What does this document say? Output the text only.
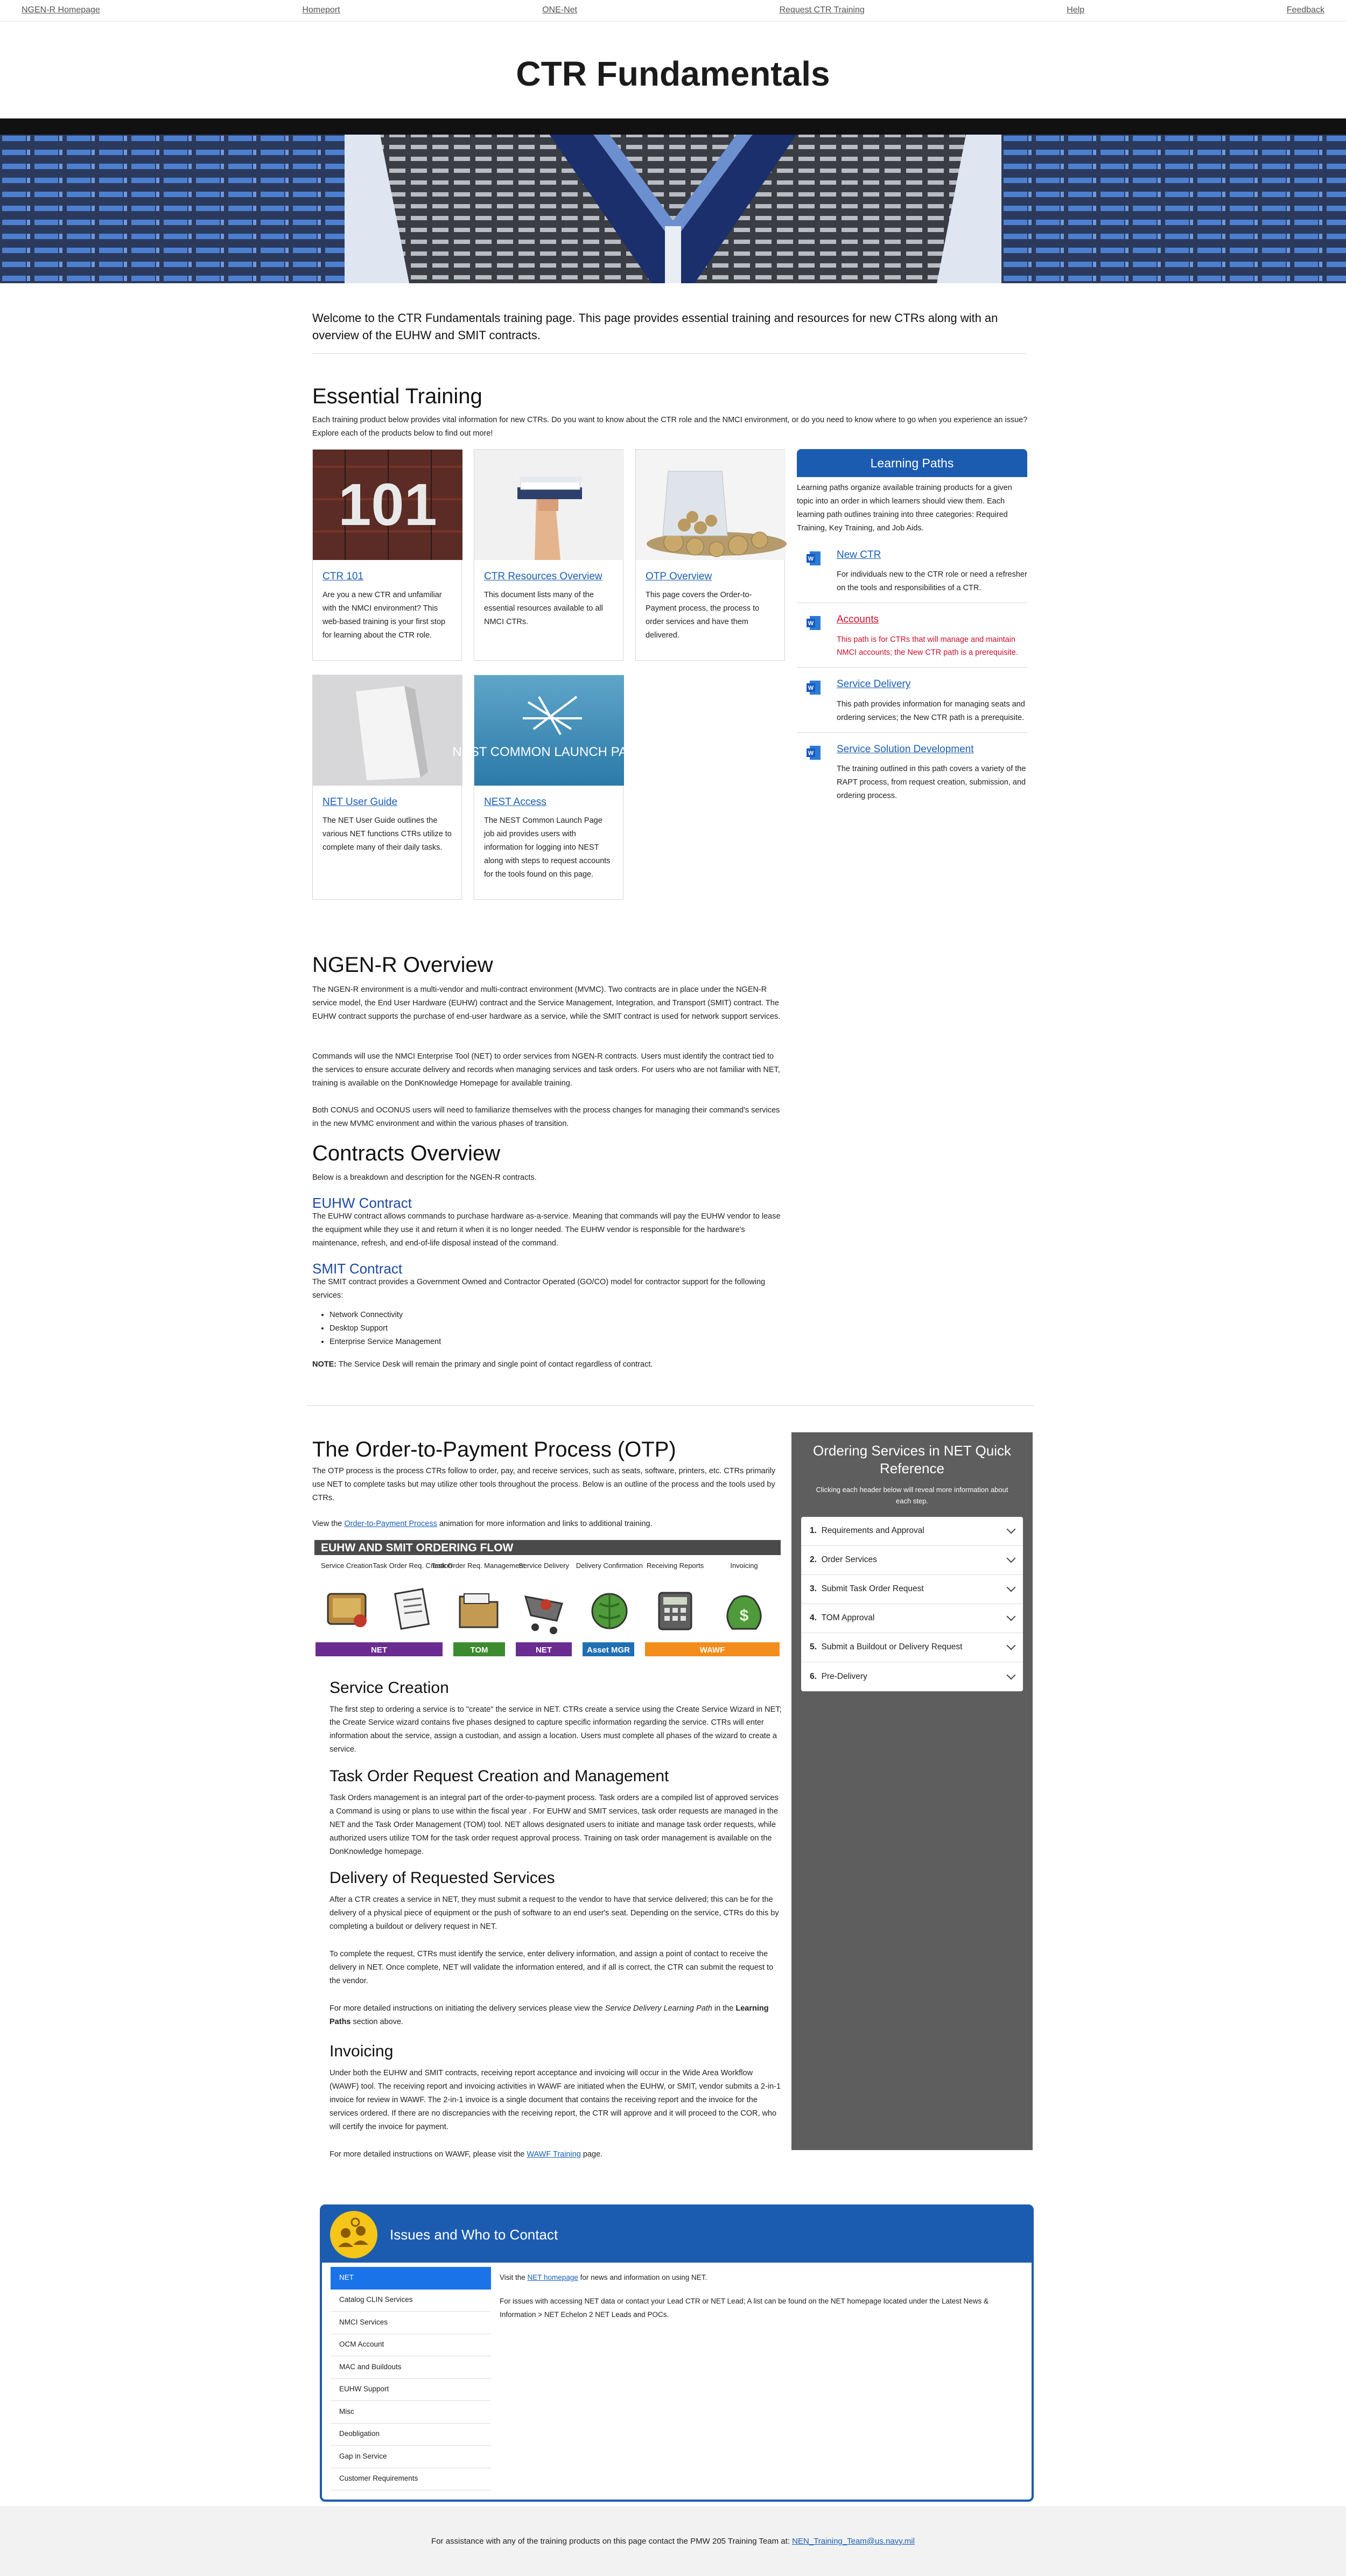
NGEN-R Homepage	Homeport	ONE-Net	Request CTR Training	Help	Feedback
CTR Fundamentals
Welcome to the CTR Fundamentals training page. This page provides essential training and resources for new CTRs along with an overview of the EUHW and SMIT contracts.
Essential Training

Each training product below provides vital information for new CTRs. Do you want to know about the CTR role and the NMCI environment, or do you need to know where to go when you experience an issue? Explore each of the products below to find out more!

101
CTR 101
Are you a new CTR and unfamiliar with the NMCI environment? This web-based training is your first stop for learning about the CTR role.
CTR Resources Overview
This document lists many of the essential resources available to all NMCI CTRs.
OTP Overview
This page covers the Order-to-Payment process, the process to order services and have them delivered.
NET User Guide
The NET User Guide outlines the various NET functions CTRs utilize to complete many of their daily tasks.
NEST COMMON LAUNCH PAGE
NEST Access
The NEST Common Launch Page job aid provides users with information for logging into NEST along with steps to request accounts for the tools found on this page.
Learning Paths
Learning paths organize available training products for a given topic into an order in which learners should view them. Each learning path outlines training into three categories: Required Training, Key Training, and Job Aids.
W New CTR
For individuals new to the CTR role or need a refresher on the tools and responsibilities of a CTR.
W Accounts
This path is for CTRs that will manage and maintain NMCI accounts; the New CTR path is a prerequisite.
W Service Delivery
This path provides information for managing seats and ordering services; the New CTR path is a prerequisite.
W Service Solution Development
The training outlined in this path covers a variety of the RAPT process, from request creation, submission, and ordering process.
NGEN-R Overview

The NGEN-R environment is a multi-vendor and multi-contract environment (MVMC). Two contracts are in place under the NGEN-R service model, the End User Hardware (EUHW) contract and the Service Management, Integration, and Transport (SMIT) contract. The EUHW contract supports the purchase of end-user hardware as a service, while the SMIT contract is used for network support services.

Commands will use the NMCI Enterprise Tool (NET) to order services from NGEN-R contracts. Users must identify the contract tied to the services to ensure accurate delivery and records when managing services and task orders. For users who are not familiar with NET, training is available on the DonKnowledge Homepage for available training.

Both CONUS and OCONUS users will need to familiarize themselves with the process changes for managing their command's services in the new MVMC environment and within the various phases of transition.

Contracts Overview

Below is a breakdown and description for the NGEN-R contracts.

EUHW Contract

The EUHW contract allows commands to purchase hardware as-a-service. Meaning that commands will pay the EUHW vendor to lease the equipment while they use it and return it when it is no longer needed. The EUHW vendor is responsible for the hardware's maintenance, refresh, and end-of-life disposal instead of the command.

SMIT Contract

The SMIT contract provides a Government Owned and Contractor Operated (GO/CO) model for contractor support for the following services:

• Network Connectivity
• Desktop Support
• Enterprise Service Management

NOTE: The Service Desk will remain the primary and single point of contact regardless of contract.

The Order-to-Payment Process (OTP)

The OTP process is the process CTRs follow to order, pay, and receive services, such as seats, software, printers, etc. CTRs primarily use NET to complete tasks but may utilize other tools throughout the process. Below is an outline of the process and the tools used by CTRs.

View the Order-to-Payment Process animation for more information and links to additional training.

EUHW AND SMIT ORDERING FLOW
Service Creation Task Order Req. Creation
Task Order Req. Management
Service Delivery Delivery Confirmation Receiving Reports	Invoicing
$
NET	TOM	NET	Asset MGR	WAWF
Service Creation

The first step to ordering a service is to "create" the service in NET. CTRs create a service using the Create Service Wizard in NET; the Create Service wizard contains five phases designed to capture specific information regarding the service. CTRs will enter information about the service, assign a custodian, and assign a location. Users must complete all phases of the wizard to create a service.

Task Order Request Creation and Management

Task Orders management is an integral part of the order-to-payment process. Task orders are a compiled list of approved services a Command is using or plans to use within the fiscal year . For EUHW and SMIT services, task order requests are managed in the NET and the Task Order Management (TOM) tool. NET allows designated users to initiate and manage task order requests, while authorized users utilize TOM for the task order request approval process. Training on task order management is available on the DonKnowledge homepage.

Delivery of Requested Services

After a CTR creates a service in NET, they must submit a request to the vendor to have that service delivered; this can be for the delivery of a physical piece of equipment or the push of software to an end user's seat. Depending on the service, CTRs do this by completing a buildout or delivery request in NET.

To complete the request, CTRs must identify the service, enter delivery information, and assign a point of contact to receive the delivery in NET. Once complete, NET will validate the information entered, and if all is correct, the CTR can submit the request to the vendor.

For more detailed instructions on initiating the delivery services please view the Service Delivery Learning Path in the Learning Paths section above.

Invoicing

Under both the EUHW and SMIT contracts, receiving report acceptance and invoicing will occur in the Wide Area Workflow (WAWF) tool. The receiving report and invoicing activities in WAWF are initiated when the EUHW, or SMIT, vendor submits a 2-in-1 invoice for review in WAWF. The 2-in-1 invoice is a single document that contains the receiving report and the invoice for the services ordered. If there are no discrepancies with the receiving report, the CTR will approve and it will proceed to the COR, who will certify the invoice for payment.

For more detailed instructions on WAWF, please visit the WAWF Training page.

Ordering Services in NET Quick Reference
Clicking each header below will reveal more information about each step.
1. Requirements and Approval
2. Order Services
3. Submit Task Order Request
4. TOM Approval
5. Submit a Buildout or Delivery Request
6. Pre-Delivery
Issues and Who to Contact
NET
Catalog CLIN Services
NMCI Services
OCM Account
MAC and Buildouts
EUHW Support
Misc
Deobligation
Gap in Service
Customer Requirements

Visit the NET homepage for news and information on using NET.

For issues with accessing NET data or contact your Lead CTR or NET Lead; A list can be found on the NET homepage located under the Latest News & Information > NET Echelon 2 NET Leads and POCs.

For assistance with any of the training products on this page contact the PMW 205 Training Team at: NEN_Training_Team@us.navy.mil
